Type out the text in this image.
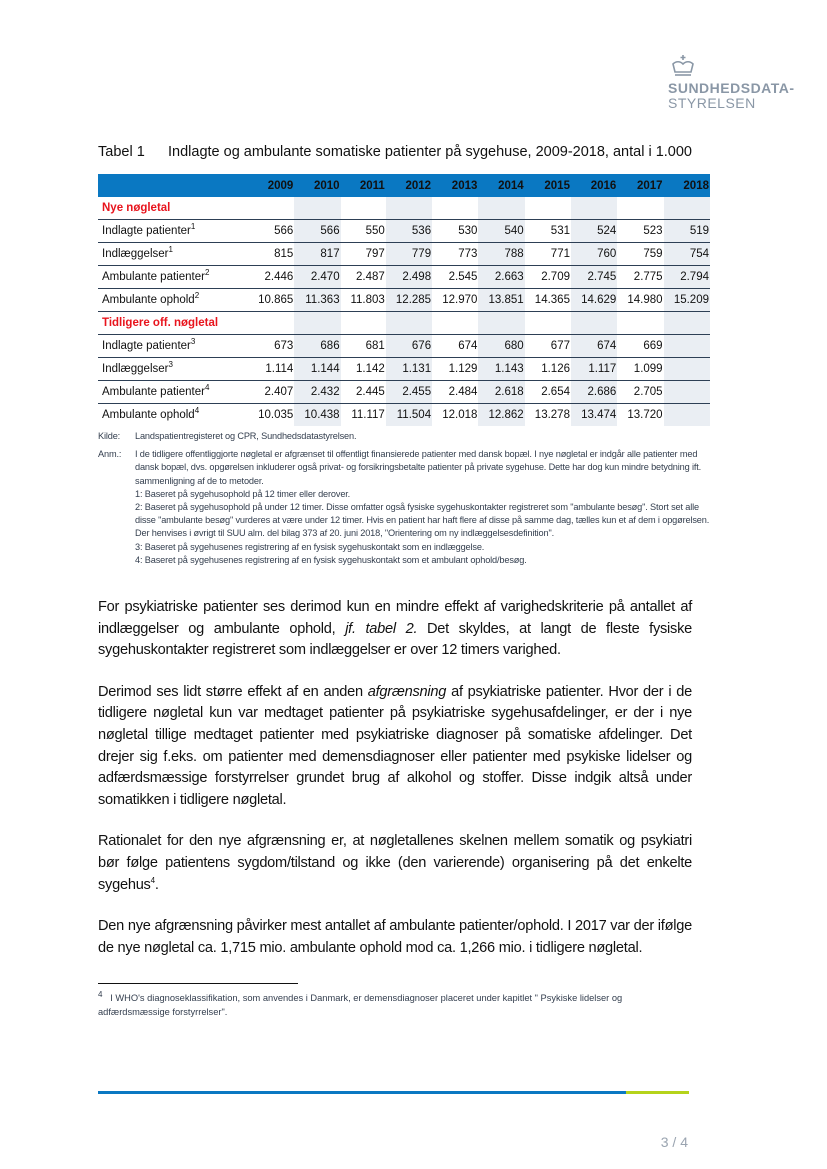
SUNDHEDSDATA-
STYRELSEN
Tabel 1 Indlagte og ambulante somatiske patienter på sygehuse, 2009-2018, antal i 1.000
	2009	2010	2011	2012	2013	2014	2015	2016	2017	2018
Nye nøgletal										
Indlagte patienter$^1$	566	566	550	536	530	540	531	524	523	519
Indlæggelser$^1$	815	817	797	779	773	788	771	760	759	754
Ambulante patienter$^2$	2.446	2.470	2.487	2.498	2.545	2.663	2.709	2.745	2.775	2.794
Ambulante ophold$^2$	10.865	11.363	11.803	12.285	12.970	13.851	14.365	14.629	14.980	15.209
Tidligere off. nøgletal										
Indlagte patienter$^3$	673	686	681	676	674	680	677	674	669	
Indlæggelser$^3$	1.114	1.144	1.142	1.131	1.129	1.143	1.126	1.117	1.099	
Ambulante patienter$^4$	2.407	2.432	2.445	2.455	2.484	2.618	2.654	2.686	2.705	
Ambulante ophold$^4$	10.035	10.438	11.117	11.504	12.018	12.862	13.278	13.474	13.720	
Kilde:	Landspatientregisteret og CPR, Sundhedsdatastyrelsen.
Anm.:	I de tidligere offentliggjorte nøgletal er afgrænset til offentligt finansierede patienter med dansk bopæl. I nye nøgletal er indgår alle patienter med dansk bopæl, dvs. opgørelsen inkluderer også privat- og forsikringsbetalte patienter på private sygehuse. Dette har dog kun mindre betydning ift. sammenligning af de to metoder.
1: Baseret på sygehusophold på 12 timer eller derover.
2: Baseret på sygehusophold på under 12 timer. Disse omfatter også fysiske sygehuskontakter registreret som "ambulante besøg". Stort set alle disse "ambulante besøg" vurderes at være under 12 timer. Hvis en patient har haft flere af disse på samme dag, tælles kun et af dem i opgørelsen. Der henvises i øvrigt til SUU alm. del bilag 373 af 20. juni 2018, "Orientering om ny indlæggelsesdefinition".
3: Baseret på sygehusenes registrering af en fysisk sygehuskontakt som en indlæggelse.
4: Baseret på sygehusenes registrering af en fysisk sygehuskontakt som et ambulant ophold/besøg.

For psykiatriske patienter ses derimod kun en mindre effekt af varighedskriterie på antallet af indlæggelser og ambulante ophold, jf. tabel 2. Det skyldes, at langt de fleste fysiske sygehuskontakter registreret som indlæggelser er over 12 timers varighed.

Derimod ses lidt større effekt af en anden afgrænsning af psykiatriske patienter. Hvor der i de tidligere nøgletal kun var medtaget patienter på psykiatriske sygehusafdelinger, er der i nye nøgletal tillige medtaget patienter med psykiatriske diagnoser på somatiske afdelinger. Det drejer sig f.eks. om patienter med demensdiagnoser eller patienter med psykiske lidelser og adfærdsmæssige forstyrrelser grundet brug af alkohol og stoffer. Disse indgik altså under somatikken i tidligere nøgletal.

Rationalet for den nye afgrænsning er, at nøgletallenes skelnen mellem somatik og psykiatri bør følge patientens sygdom/tilstand og ikke (den varierende) organisering på det enkelte sygehus$^4$.

Den nye afgrænsning påvirker mest antallet af ambulante patienter/ophold. I 2017 var der ifølge de nye nøgletal ca. 1,715 mio. ambulante ophold mod ca. 1,266 mio. i tidligere nøgletal.

$^4$ I WHO's diagnoseklassifikation, som anvendes i Danmark, er demensdiagnoser placeret under kapitlet " Psykiske lidelser og adfærdsmæssige forstyrrelser".
3 / 4
